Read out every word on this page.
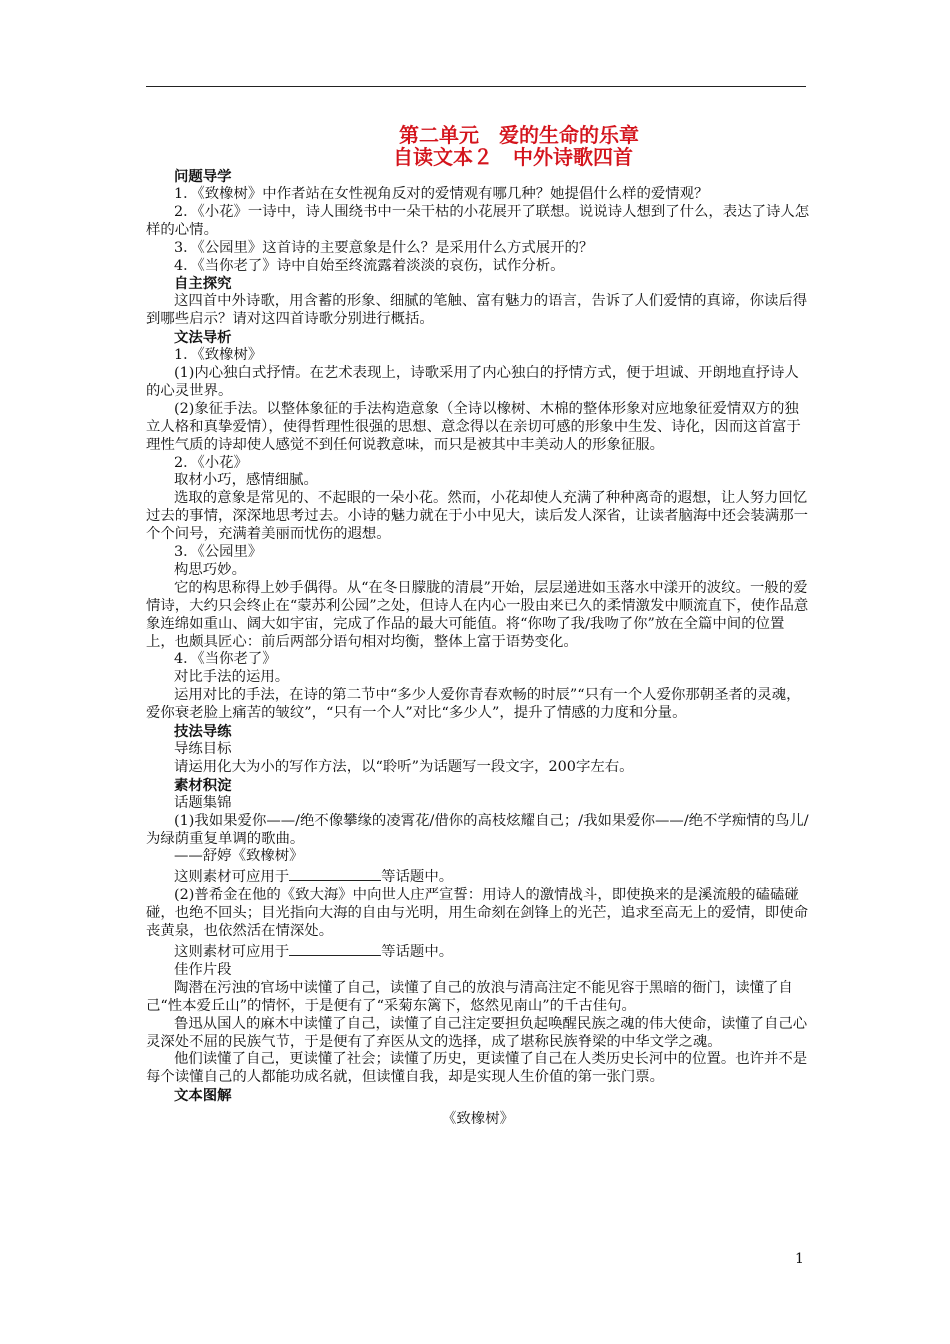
第二单元　爱的生命的乐章
自读文本２　中外诗歌四首

问题导学

1．《致橡树》中作者站在女性视角反对的爱情观有哪几种？她提倡什么样的爱情观？

2．《小花》一诗中，诗人围绕书中一朵干枯的小花展开了联想。说说诗人想到了什么，表达了诗人怎样的心情。

3．《公园里》这首诗的主要意象是什么？是采用什么方式展开的？

4．《当你老了》诗中自始至终流露着淡淡的哀伤，试作分析。

自主探究

这四首中外诗歌，用含蓄的形象、细腻的笔触、富有魅力的语言，告诉了人们爱情的真谛，你读后得到哪些启示？请对这四首诗歌分别进行概括。

文法导析

1．《致橡树》

(1)内心独白式抒情。在艺术表现上，诗歌采用了内心独白的抒情方式，便于坦诚、开朗地直抒诗人的心灵世界。

(2)象征手法。以整体象征的手法构造意象（全诗以橡树、木棉的整体形象对应地象征爱情双方的独立人格和真挚爱情），使得哲理性很强的思想、意念得以在亲切可感的形象中生发、诗化，因而这首富于理性气质的诗却使人感觉不到任何说教意味，而只是被其中丰美动人的形象征服。

2．《小花》

取材小巧，感情细腻。

选取的意象是常见的、不起眼的一朵小花。然而，小花却使人充满了种种离奇的遐想，让人努力回忆过去的事情，深深地思考过去。小诗的魅力就在于小中见大，读后发人深省，让读者脑海中还会装满那一个个问号，充满着美丽而忧伤的遐想。

3．《公园里》

构思巧妙。

它的构思称得上妙手偶得。从“在冬日朦胧的清晨”开始，层层递进如玉落水中漾开的波纹。一般的爱情诗，大约只会终止在“蒙苏利公园”之处，但诗人在内心一股由来已久的柔情激发中顺流直下，使作品意象连绵如重山、阔大如宇宙，完成了作品的最大可能值。将“你吻了我/我吻了你”放在全篇中间的位置上，也颇具匠心：前后两部分语句相对均衡，整体上富于语势变化。

4．《当你老了》

对比手法的运用。

运用对比的手法，在诗的第二节中“多少人爱你青春欢畅的时辰”“只有一个人爱你那朝圣者的灵魂，爱你衰老脸上痛苦的皱纹”，“只有一个人”对比“多少人”，提升了情感的力度和分量。

技法导练

导练目标

请运用化大为小的写作方法，以“聆听”为话题写一段文字，200字左右。

素材积淀

话题集锦

(1)我如果爱你——/绝不像攀缘的凌霄花/借你的高枝炫耀自己；/我如果爱你——/绝不学痴情的鸟儿/为绿荫重复单调的歌曲。

——舒婷《致橡树》

这则素材可应用于	等话题中。

(2)普希金在他的《致大海》中向世人庄严宣誓：用诗人的激情战斗，即使换来的是溪流般的磕磕碰碰，也绝不回头；目光指向大海的自由与光明，用生命刻在剑锋上的光芒，追求至高无上的爱情，即使命丧黄泉，也依然活在情深处。

这则素材可应用于	等话题中。

佳作片段

陶潜在污浊的官场中读懂了自己，读懂了自己的放浪与清高注定不能见容于黑暗的衙门，读懂了自己“性本爱丘山”的情怀，于是便有了“采菊东篱下，悠然见南山”的千古佳句。

鲁迅从国人的麻木中读懂了自己，读懂了自己注定要担负起唤醒民族之魂的伟大使命，读懂了自己心灵深处不屈的民族气节，于是便有了弃医从文的选择，成了堪称民族脊梁的中华文学之魂。

他们读懂了自己，更读懂了社会；读懂了历史，更读懂了自己在人类历史长河中的位置。也许并不是每个读懂自己的人都能功成名就，但读懂自我，却是实现人生价值的第一张门票。

文本图解

《致橡树》

1
